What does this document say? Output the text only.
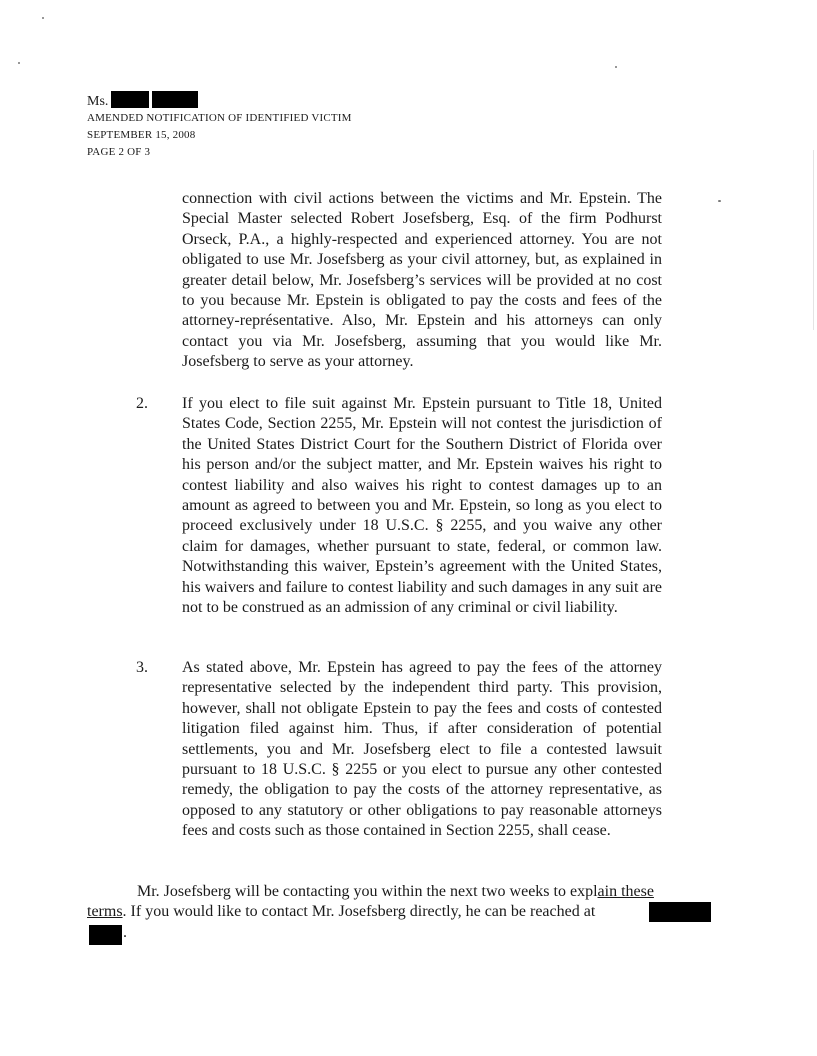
Ms.
AMENDED NOTIFICATION OF IDENTIFIED VICTIM
SEPTEMBER 15, 2008
PAGE 2 OF 3
connection with civil actions between the victims and Mr. Epstein. The Special Master selected Robert Josefsberg, Esq. of the firm Podhurst Orseck, P.A., a highly-respected and experienced attorney. You are not obligated to use Mr. Josefsberg as your civil attorney, but, as explained in greater detail below, Mr. Josefsberg’s services will be provided at no cost to you because Mr. Epstein is obligated to pay the costs and fees of the attorney-représentative. Also, Mr. Epstein and his attorneys can only contact you via Mr. Josefsberg, assuming that you would like Mr. Josefsberg to serve as your attorney.
2. If you elect to file suit against Mr. Epstein pursuant to Title 18, United States Code, Section 2255, Mr. Epstein will not contest the jurisdiction of the United States District Court for the Southern District of Florida over his person and/or the subject matter, and Mr. Epstein waives his right to contest liability and also waives his right to contest damages up to an amount as agreed to between you and Mr. Epstein, so long as you elect to proceed exclusively under 18 U.S.C. § 2255, and you waive any other claim for damages, whether pursuant to state, federal, or common law. Notwithstanding this waiver, Epstein’s agreement with the United States, his waivers and failure to contest liability and such damages in any suit are not to be construed as an admission of any criminal or civil liability.
3. As stated above, Mr. Epstein has agreed to pay the fees of the attorney representative selected by the independent third party. This provision, however, shall not obligate Epstein to pay the fees and costs of contested litigation filed against him. Thus, if after consideration of potential settlements, you and Mr. Josefsberg elect to file a contested lawsuit pursuant to 18 U.S.C. § 2255 or you elect to pursue any other contested remedy, the obligation to pay the costs of the attorney representative, as opposed to any statutory or other obligations to pay reasonable attorneys fees and costs such as those contained in Section 2255, shall cease.
Mr. Josefsberg will be contacting you within the next two weeks to explain these
terms. If you would like to contact Mr. Josefsberg directly, he can be reached at
.
